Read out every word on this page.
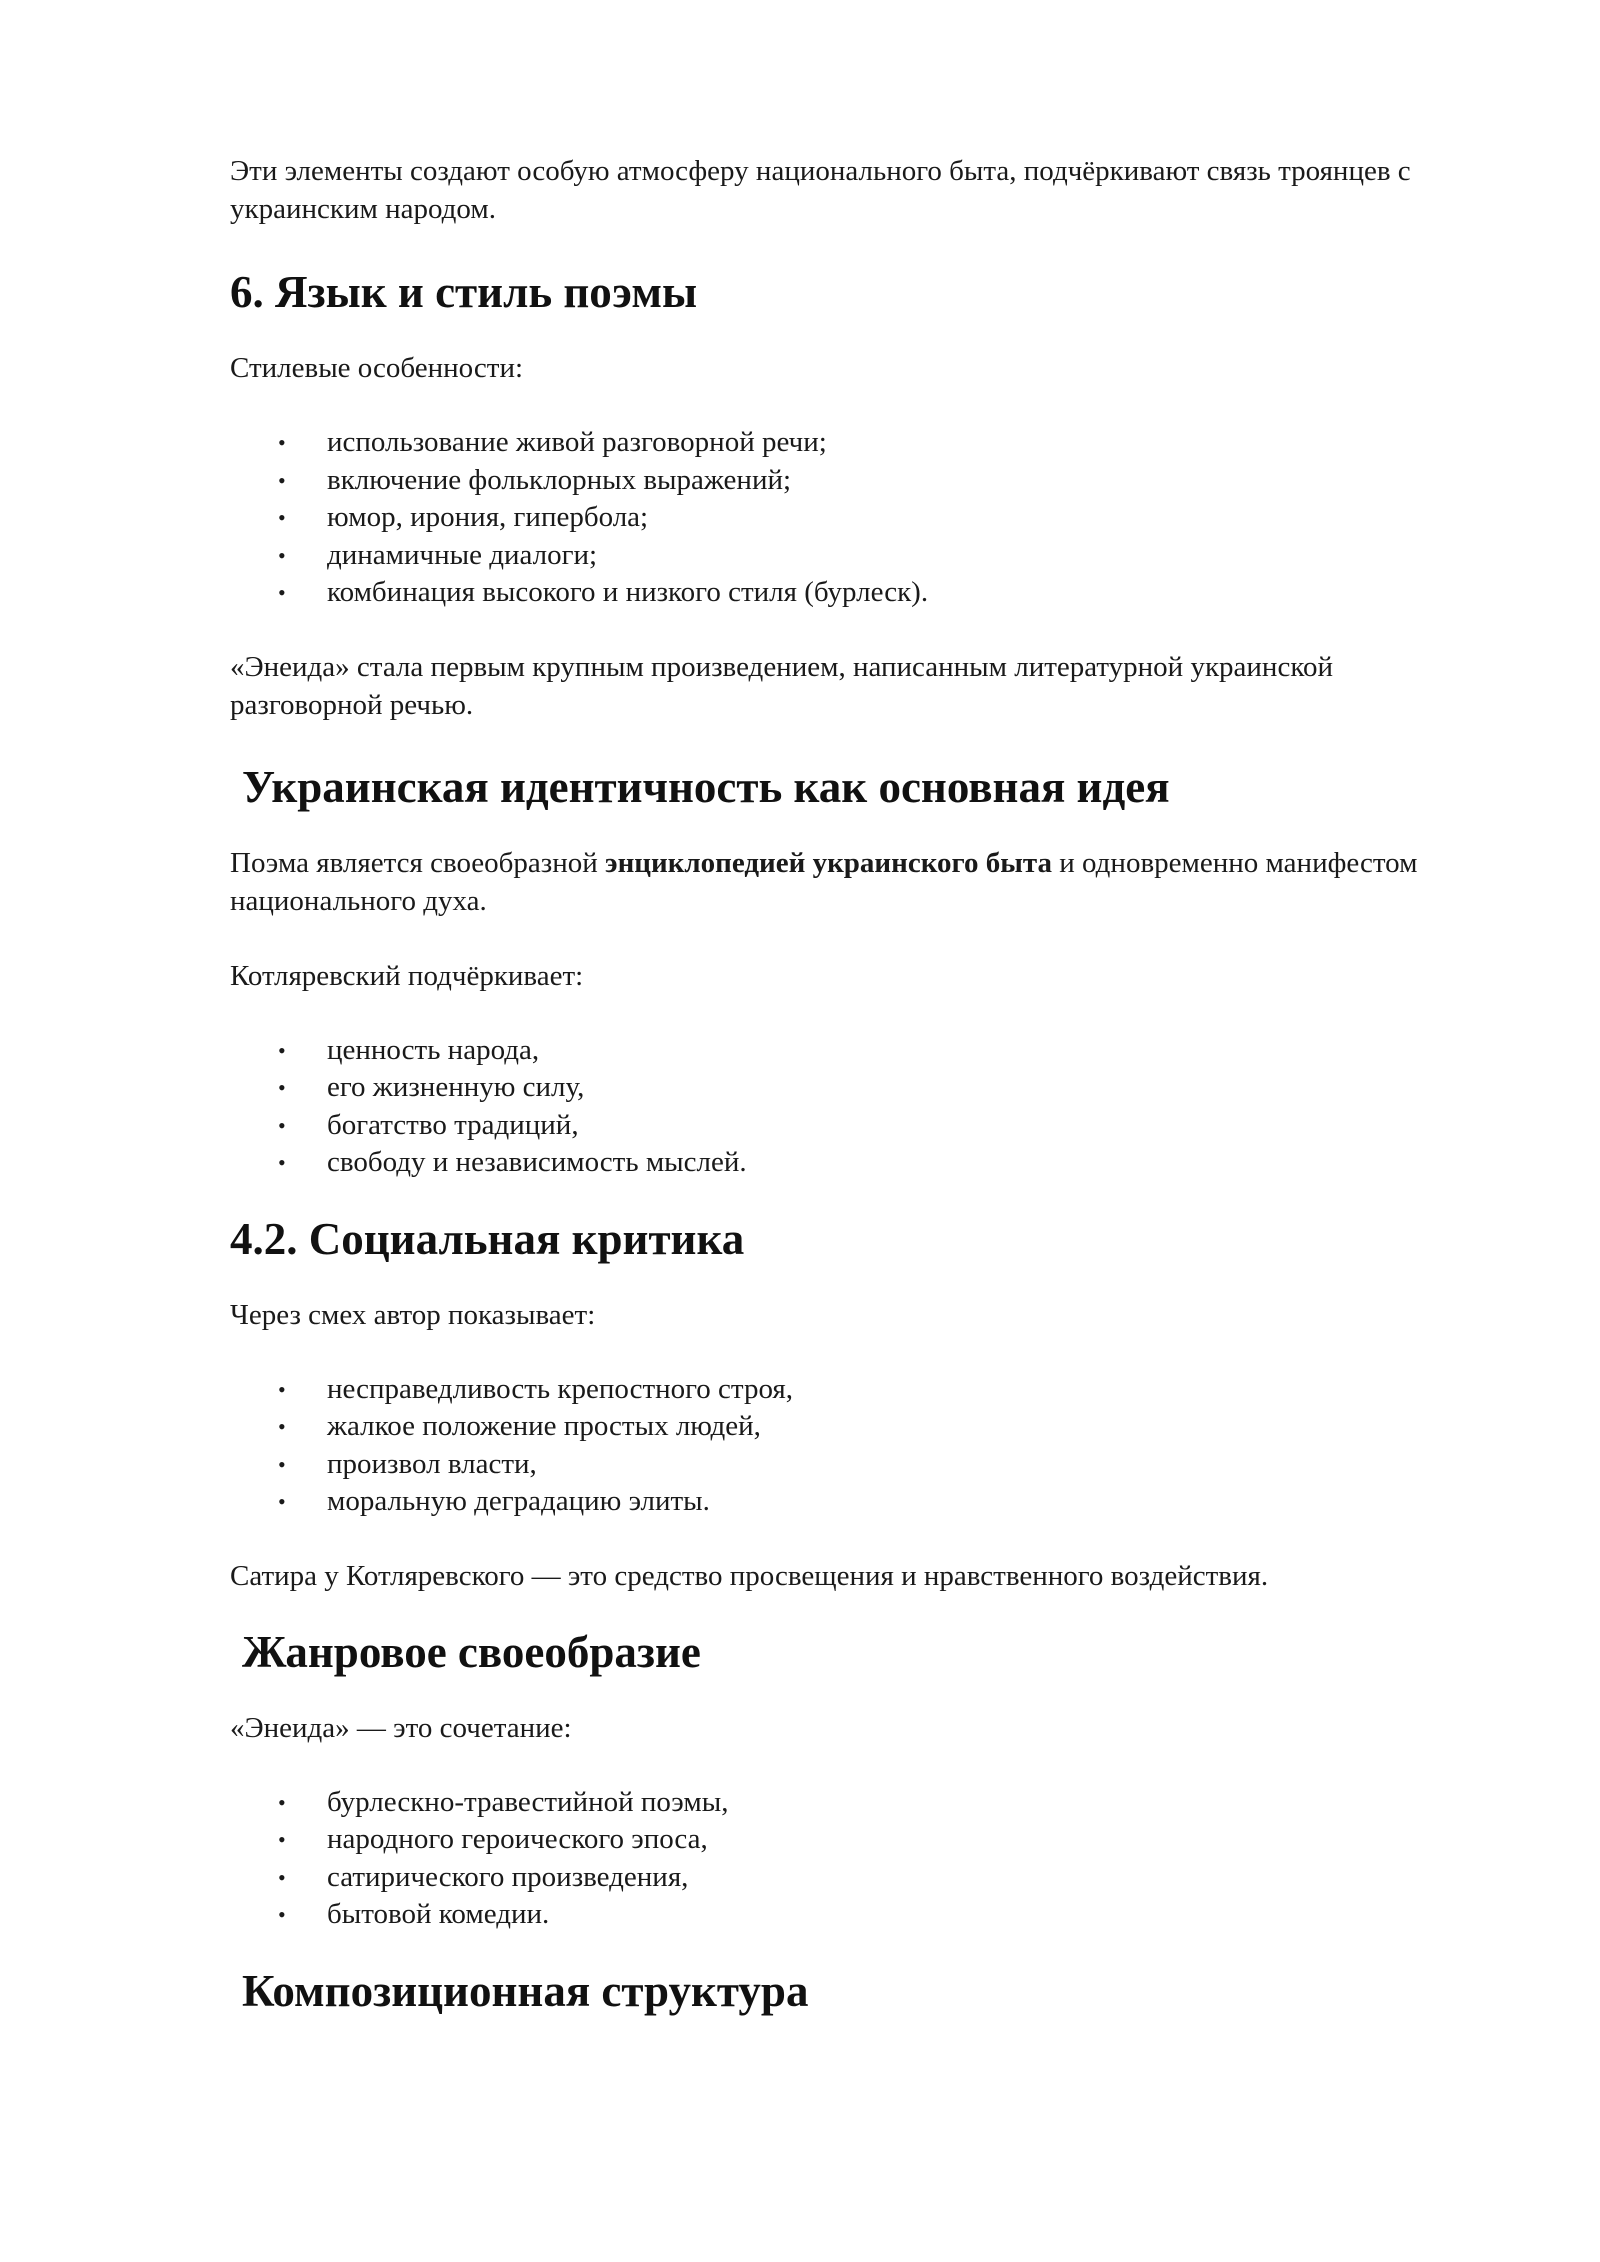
Эти элементы создают особую атмосферу национального быта, подчёркивают связь троянцев с украинским народом.

6. Язык и стиль поэмы

Стилевые особенности:

• использование живой разговорной речи;
• включение фольклорных выражений;
• юмор, ирония, гипербола;
• динамичные диалоги;
• комбинация высокого и низкого стиля (бурлеск).

«Энеида» стала первым крупным произведением, написанным литературной украинской разговорной речью.

Украинская идентичность как основная идея

Поэма является своеобразной энциклопедией украинского быта и одновременно манифестом национального духа.

Котляревский подчёркивает:

• ценность народа,
• его жизненную силу,
• богатство традиций,
• свободу и независимость мыслей.
4.2. Социальная критика

Через смех автор показывает:

• несправедливость крепостного строя,
• жалкое положение простых людей,
• произвол власти,
• моральную деградацию элиты.

Сатира у Котляревского — это средство просвещения и нравственного воздействия.

Жанровое своеобразие

«Энеида» — это сочетание:

• бурлескно-травестийной поэмы,
• народного героического эпоса,
• сатирического произведения,
• бытовой комедии.
Композиционная структура
